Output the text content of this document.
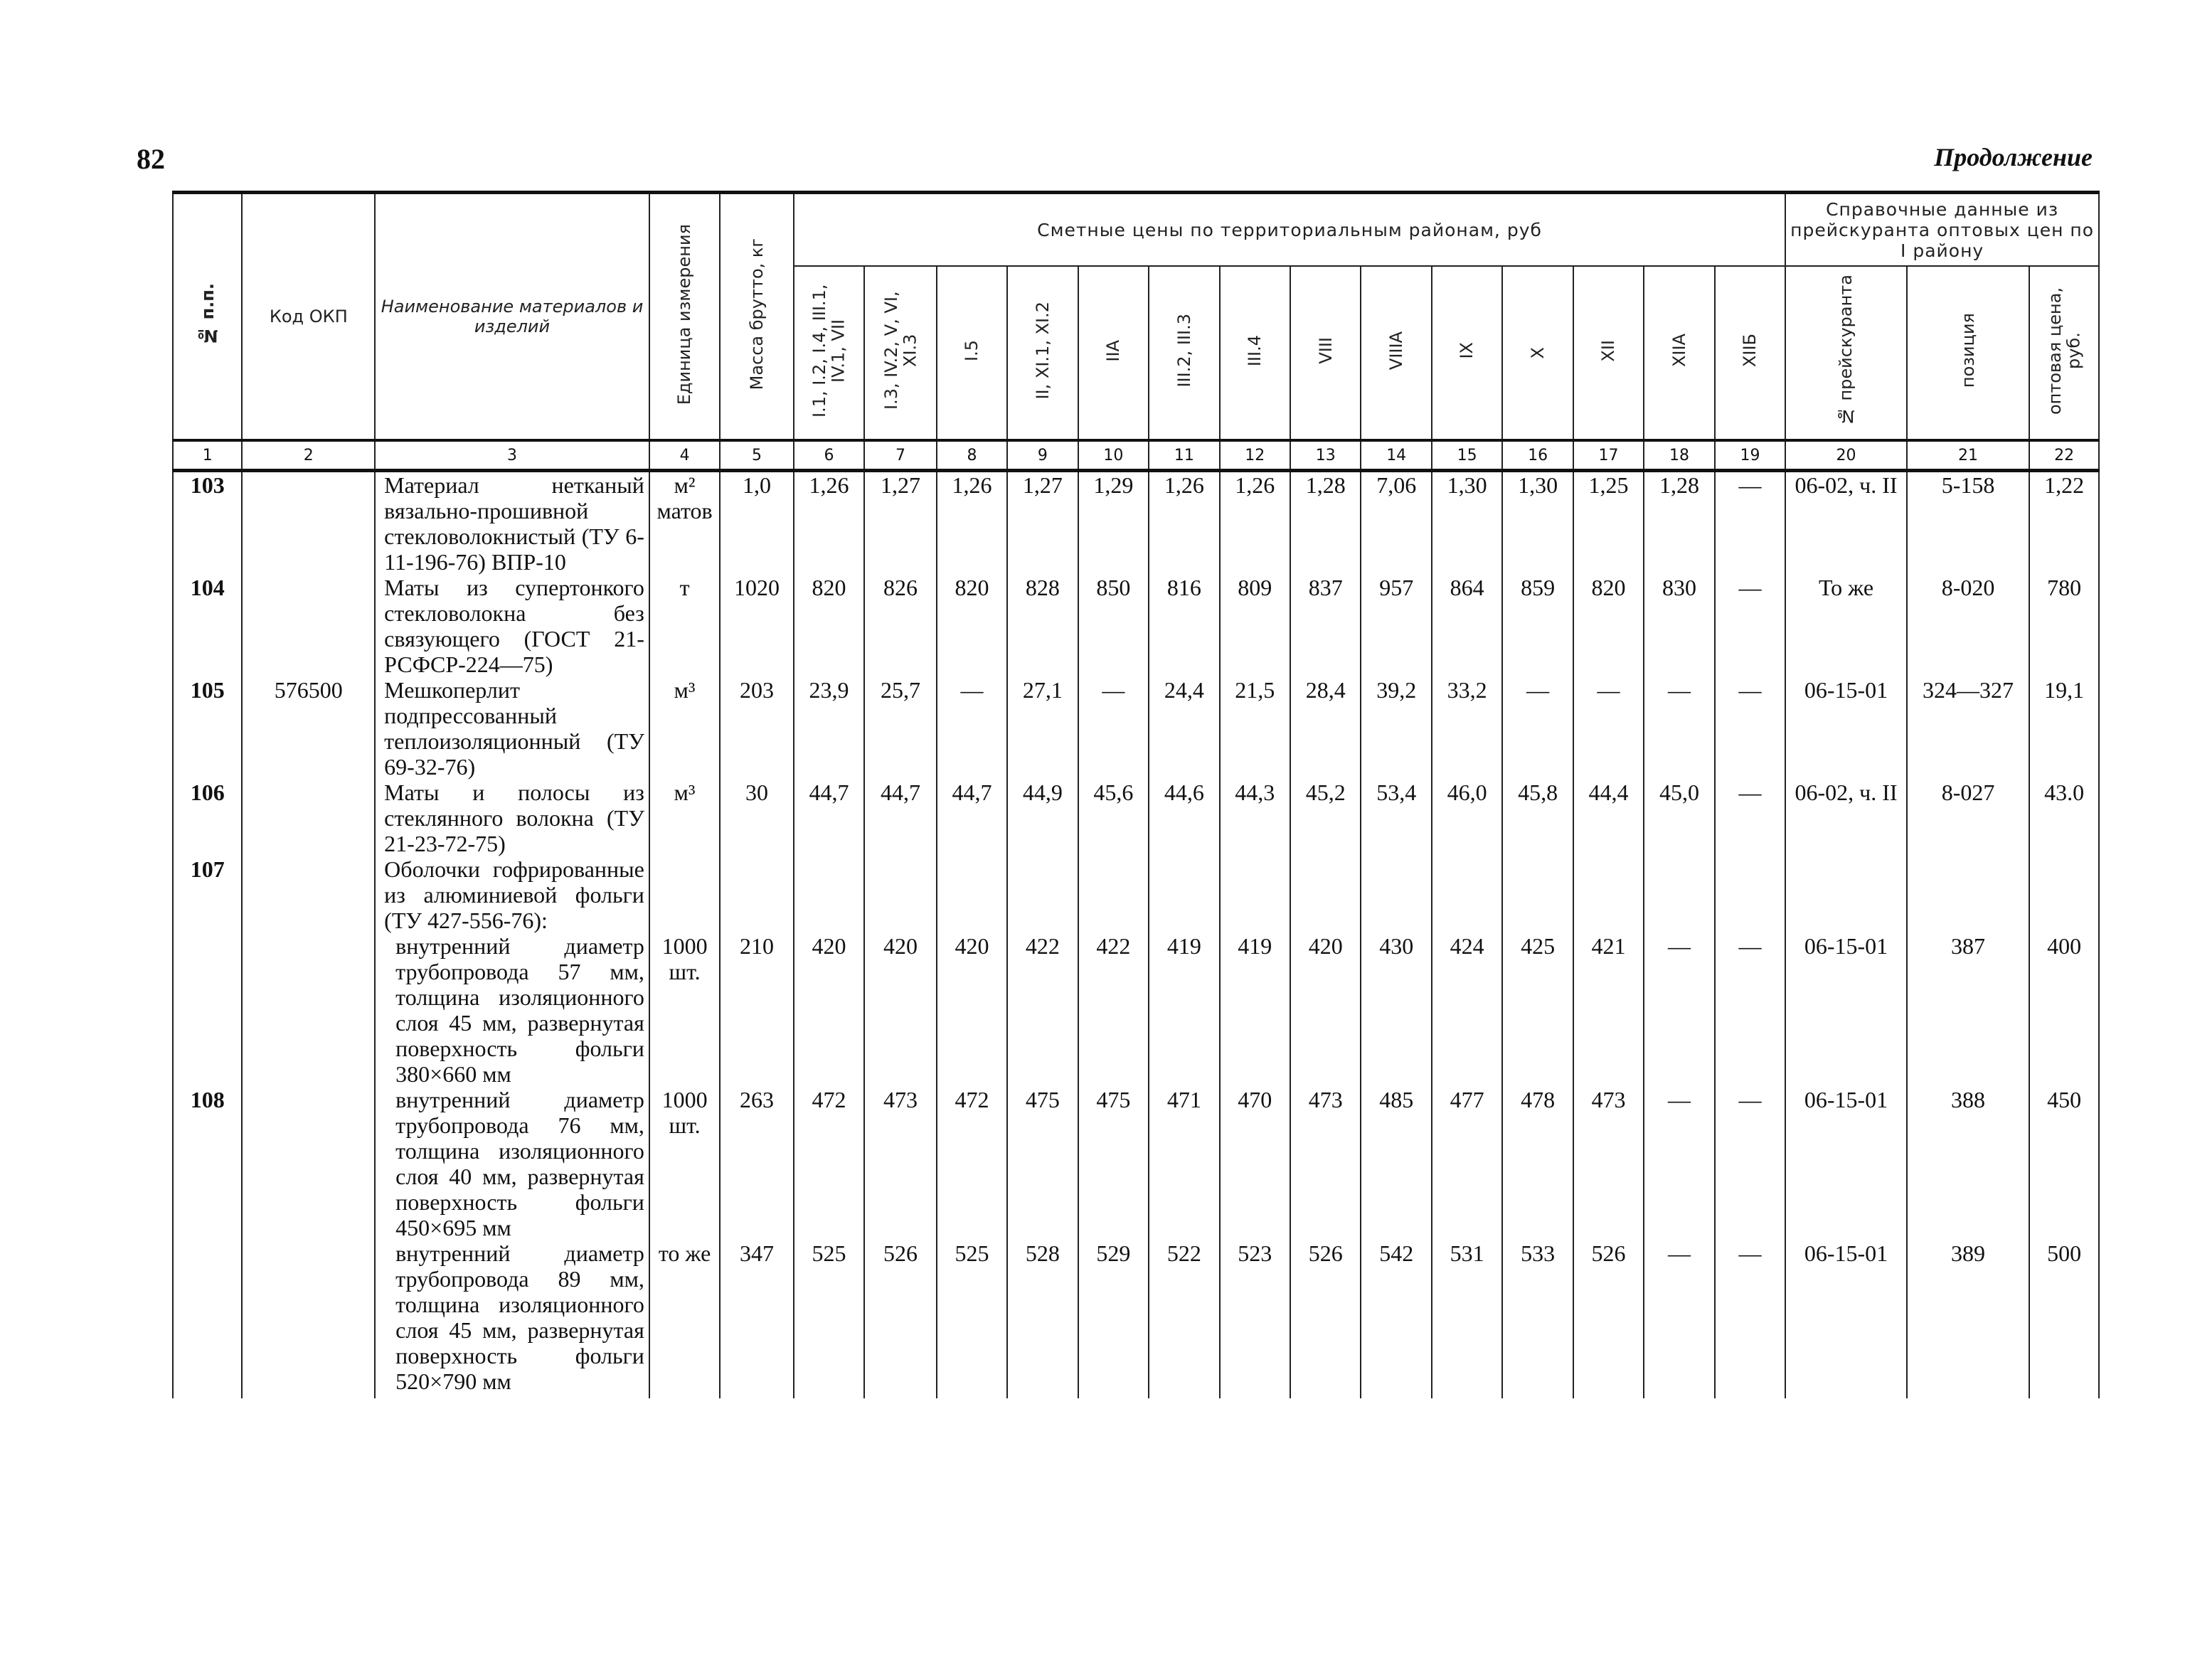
82	Продолжение
№ п.п.	Код ОКП	Наименование материалов и изделий	Единица измерения	Масса брутто, кг	Сметные цены по территориальным районам, руб														Справочные данные из прейскуранта оптовых цен по I району		
					I.1, I.2, I.4, III.1, IV.1, VII	I.3, IV.2, V, VI, XI.3	I.5	II, XI.1, XI.2	IIA	III.2, III.3	III.4	VIII	VIIIA	IX	X	XII	XIIA	XIIБ	№ прейскуранта	позиция	оптовая цена, руб.
1	2	3	4	5	6	7	8	9	10	11	12	13	14	15	16	17	18	19	20	21	22
103		Материал нетканый вязально-прошивной стекловолокнистый (ТУ 6-11-196-76) ВПР-10	м² матов	1,0	1,26	1,27	1,26	1,27	1,29	1,26	1,26	1,28	7,06	1,30	1,30	1,25	1,28	—	06-02, ч. II	5-158	1,22
104		Маты из супертонкого стекловолокна без связующего (ГОСТ 21-РСФСР-224—75)	т	1020	820	826	820	828	850	816	809	837	957	864	859	820	830	—	То же	8-020	780
105	576500	Мешкоперлит подпрессованный теплоизоляционный (ТУ 69-32-76)	м³	203	23,9	25,7	—	27,1	—	24,4	21,5	28,4	39,2	33,2	—	—	—	—	06-15-01	324—327	19,1
106		Маты и полосы из стеклянного волокна (ТУ 21-23-72-75)	м³	30	44,7	44,7	44,7	44,9	45,6	44,6	44,3	45,2	53,4	46,0	45,8	44,4	45,0	—	06-02, ч. II	8-027	43.0
107		Оболочки гофрированные из алюминиевой фольги (ТУ 427-556-76):																			
		внутренний диаметр трубопровода 57 мм, толщина изоляционного слоя 45 мм, развернутая поверхность фольги 380×660 мм	1000 шт.	210	420	420	420	422	422	419	419	420	430	424	425	421	—	—	06-15-01	387	400
108		внутренний диаметр трубопровода 76 мм, толщина изоляционного слоя 40 мм, развернутая поверхность фольги 450×695 мм	1000 шт.	263	472	473	472	475	475	471	470	473	485	477	478	473	—	—	06-15-01	388	450
		внутренний диаметр трубопровода 89 мм, толщина изоляционного слоя 45 мм, развернутая поверхность фольги 520×790 мм	то же	347	525	526	525	528	529	522	523	526	542	531	533	526	—	—	06-15-01	389	500
